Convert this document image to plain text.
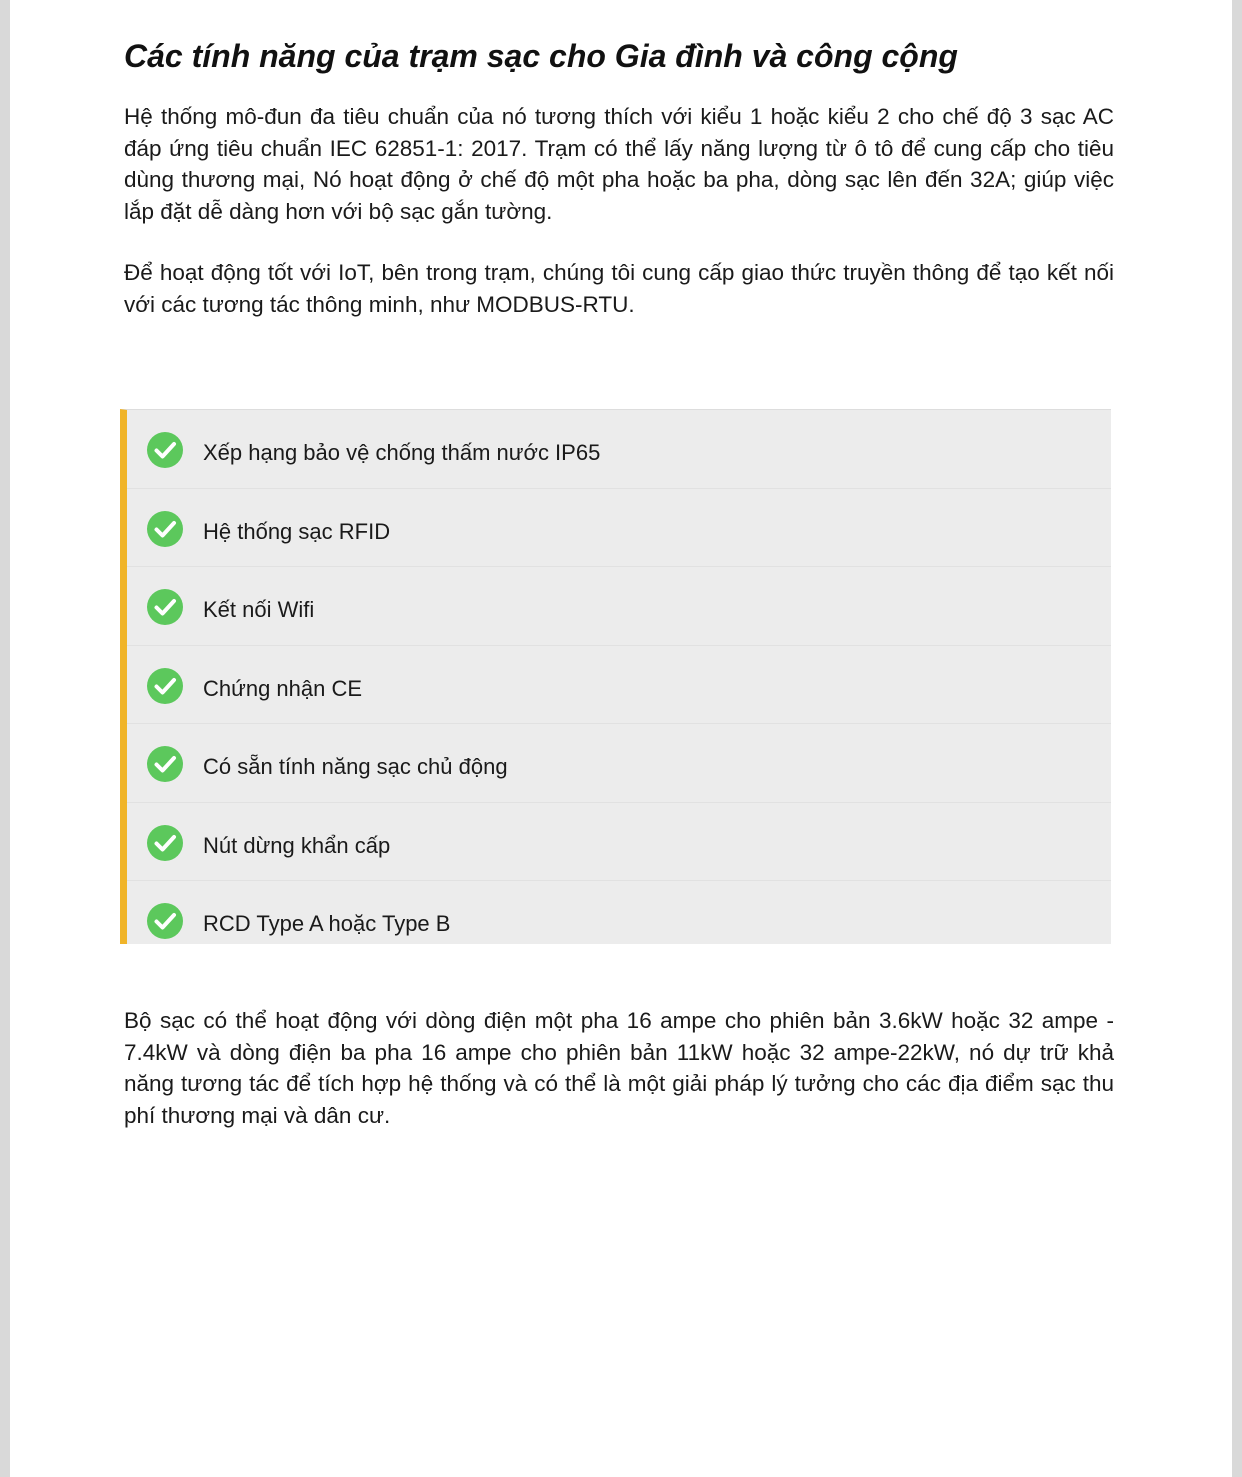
Các tính năng của trạm sạc cho Gia đình và công cộng

Hệ thống mô-đun đa tiêu chuẩn của nó tương thích với kiểu 1 hoặc kiểu 2 cho chế độ 3 sạc AC đáp ứng tiêu chuẩn IEC 62851-1: 2017. Trạm có thể lấy năng lượng từ ô tô để cung cấp cho tiêu dùng thương mại, Nó hoạt động ở chế độ một pha hoặc ba pha, dòng sạc lên đến 32A; giúp việc lắp đặt dễ dàng hơn với bộ sạc gắn tường.

Để hoạt động tốt với IoT, bên trong trạm, chúng tôi cung cấp giao thức truyền thông để tạo kết nối với các tương tác thông minh, như MODBUS-RTU.

Xếp hạng bảo vệ chống thấm nước IP65
Hệ thống sạc RFID
Kết nối Wifi
Chứng nhận CE
Có sẵn tính năng sạc chủ động
Nút dừng khẩn cấp
RCD Type A hoặc Type B

Bộ sạc có thể hoạt động với dòng điện một pha 16 ampe cho phiên bản 3.6kW hoặc 32 ampe - 7.4kW và dòng điện ba pha 16 ampe cho phiên bản 11kW hoặc 32 ampe-22kW, nó dự trữ khả năng tương tác để tích hợp hệ thống và có thể là một giải pháp lý tưởng cho các địa điểm sạc thu phí thương mại và dân cư.
